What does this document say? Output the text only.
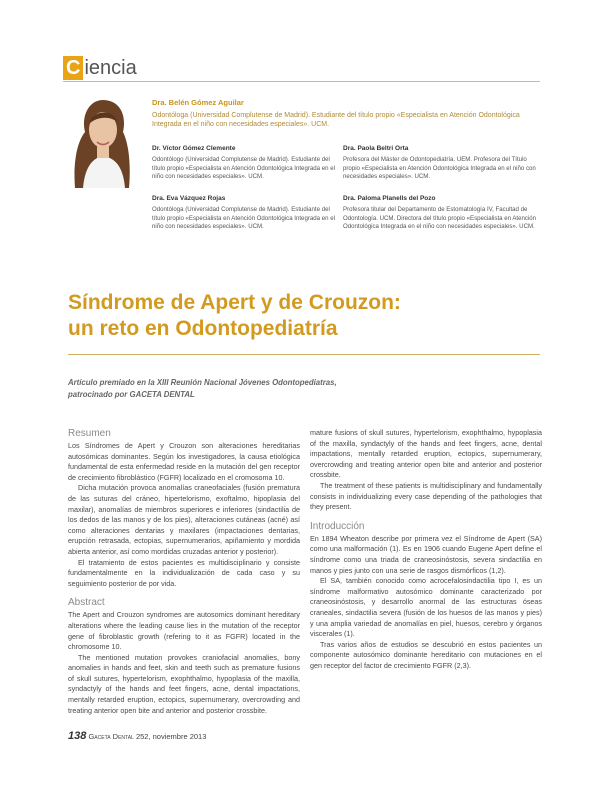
C iencia
Dra. Belén Gómez Aguilar
Odontóloga (Universidad Complutense de Madrid). Estudiante del título propio «Especialista en Atención Odontológica Integrada en el niño con necesidades especiales». UCM.
Dr. Víctor Gómez Clemente
Odontólogo (Universidad Complutense de Madrid). Estudiante del título propio «Especialista en Atención Odontológica Integrada en el niño con necesidades especiales». UCM.
Dra. Paola Beltri Orta
Profesora del Máster de Odontopediatría. UEM. Profesora del Título propio «Especialista en Atención Odontológica Integrada en el niño con necesidades especiales». UCM.
Dra. Eva Vázquez Rojas
Odontóloga (Universidad Complutense de Madrid). Estudiante del título propio «Especialista en Atención Odontológica Integrada en el niño con necesidades especiales». UCM.
Dra. Paloma Planells del Pozo
Profesora titular del Departamento de Estomatología IV, Facultad de Odontología. UCM. Directora del título propio «Especialista en Atención Odontológica Integrada en el niño con necesidades especiales». UCM.
Síndrome de Apert y de Crouzon:
un reto en Odontopediatría
Artículo premiado en la XIII Reunión Nacional Jóvenes Odontopediatras,
patrocinado por GACETA DENTAL
Resumen

Los Síndromes de Apert y Crouzon son alteraciones hereditarias autosómicas dominantes. Según los investigadores, la causa etiológica fundamental de esta enfermedad reside en la mutación del gen receptor de crecimiento fibroblástico (FGFR) localizado en el cromosoma 10.

Dicha mutación provoca anomalías craneofaciales (fusión prematura de las suturas del cráneo, hipertelorismo, exoftalmo, hipoplasia del maxilar), anomalías de miembros superiores e inferiores (sindactilia de los dedos de las manos y de los pies), alteraciones cutáneas (acné) así como alteraciones dentarias y maxilares (impactaciones dentarias, erupción retrasada, ectopias, supernumerarios, apiñamiento y mordida abierta anterior, así como mordidas cruzadas anterior y posterior).

El tratamiento de estos pacientes es multidisciplinario y consiste fundamentalmente en la individualización de cada caso y su seguimiento posterior de por vida.

Abstract

The Apert and Crouzon syndromes are autosomics dominant hereditary alterations where the leading cause lies in the mutation of the receptor gene of fibroblastic growth (refering to it as FGFR) located in the chromosome 10.

The mentioned mutation provokes craniofacial anomalies, bony anomalies in hands and feet, skin and teeth such as premature fusions of skull sutures, hypertelorism, exophthalmo, hypoplasia of the maxilla, syndactyly of the hands and feet fingers, acne, dental impactations, mentally retarded eruption, ectopics, supernumerary, overcrowding and treating anterior open bite and anterior and posterior crossbite.

mature fusions of skull sutures, hypertelorism, exophthalmo, hypoplasia of the maxilla, syndactyly of the hands and feet fingers, acne, dental impactations, mentally retarded eruption, ectopics, supernumerary, overcrowding and treating anterior open bite and anterior and posterior crossbite.

The treatment of these patients is multidisciplinary and fundamentally consists in individualizing every case depending of the pathologies that they present.

Introducción

En 1894 Wheaton describe por primera vez el Síndrome de Apert (SA) como una malformación (1). Es en 1906 cuando Eugene Apert define el síndrome como una triada de craneosinóstosis, severa sindactilia en manos y pies junto con una serie de rasgos dismórficos (1,2).

El SA, también conocido como acrocefalosindactilia tipo I, es un síndrome malformativo autosómico dominante caracterizado por craneosinóstosis, y desarrollo anormal de las estructuras óseas craneales, sindactilia severa (fusión de los huesos de las manos y pies) y una amplia variedad de anomalías en piel, huesos, cerebro y órganos viscerales (1).

Tras varios años de estudios se descubrió en estos pacientes un componente autosómico dominante hereditario con mutaciones en el gen receptor del factor de crecimiento FGFR (2,3).

138 Gaceta Dental 252, noviembre 2013
